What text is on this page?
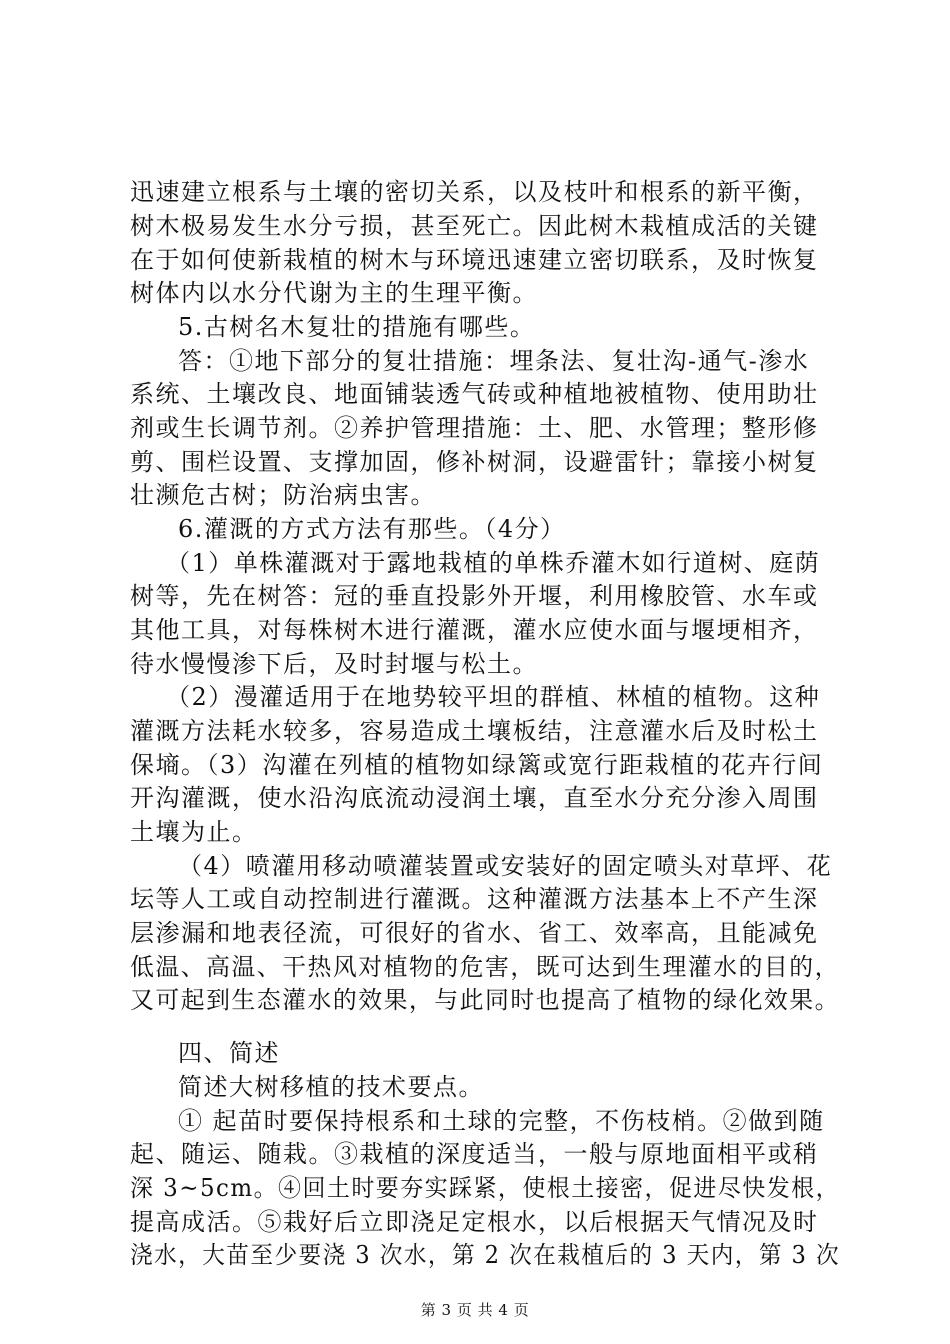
迅速建立根系与土壤的密切关系，以及枝叶和根系的新平衡，
树木极易发生水分亏损，甚至死亡。因此树木栽植成活的关键
在于如何使新栽植的树木与环境迅速建立密切联系，及时恢复
树体内以水分代谢为主的生理平衡。
5.古树名木复壮的措施有哪些。
答：①地下部分的复壮措施：埋条法、复壮沟-通气-渗水
系统、土壤改良、地面铺装透气砖或种植地被植物、使用助壮
剂或生长调节剂。②养护管理措施：土、肥、水管理；整形修
剪、围栏设置、支撑加固，修补树洞，设避雷针；靠接小树复
壮濒危古树；防治病虫害。
6.灌溉的方式方法有那些。（4分）
（1）单株灌溉对于露地栽植的单株乔灌木如行道树、庭荫
树等，先在树答：冠的垂直投影外开堰，利用橡胶管、水车或
其他工具，对每株树木进行灌溉，灌水应使水面与堰埂相齐，
待水慢慢渗下后，及时封堰与松土。
（2）漫灌适用于在地势较平坦的群植、林植的植物。这种
灌溉方法耗水较多，容易造成土壤板结，注意灌水后及时松土
保墒。（3）沟灌在列植的植物如绿篱或宽行距栽植的花卉行间
开沟灌溉，使水沿沟底流动浸润土壤，直至水分充分渗入周围
土壤为止。
（4）喷灌用移动喷灌装置或安装好的固定喷头对草坪、花
坛等人工或自动控制进行灌溉。这种灌溉方法基本上不产生深
层渗漏和地表径流，可很好的省水、省工、效率高，且能减免
低温、高温、干热风对植物的危害，既可达到生理灌水的目的，
又可起到生态灌水的效果，与此同时也提高了植物的绿化效果。
四、简述
简述大树移植的技术要点。
① 起苗时要保持根系和土球的完整，不伤枝梢。②做到随
起、随运、随栽。③栽植的深度适当，一般与原地面相平或稍
深 3~5cm。④回土时要夯实踩紧，使根土接密，促进尽快发根，
提高成活。⑤栽好后立即浇足定根水，以后根据天气情况及时
浇水，大苗至少要浇 3 次水，第 2 次在栽植后的 3 天内，第 3 次
第 3 页 共 4 页
